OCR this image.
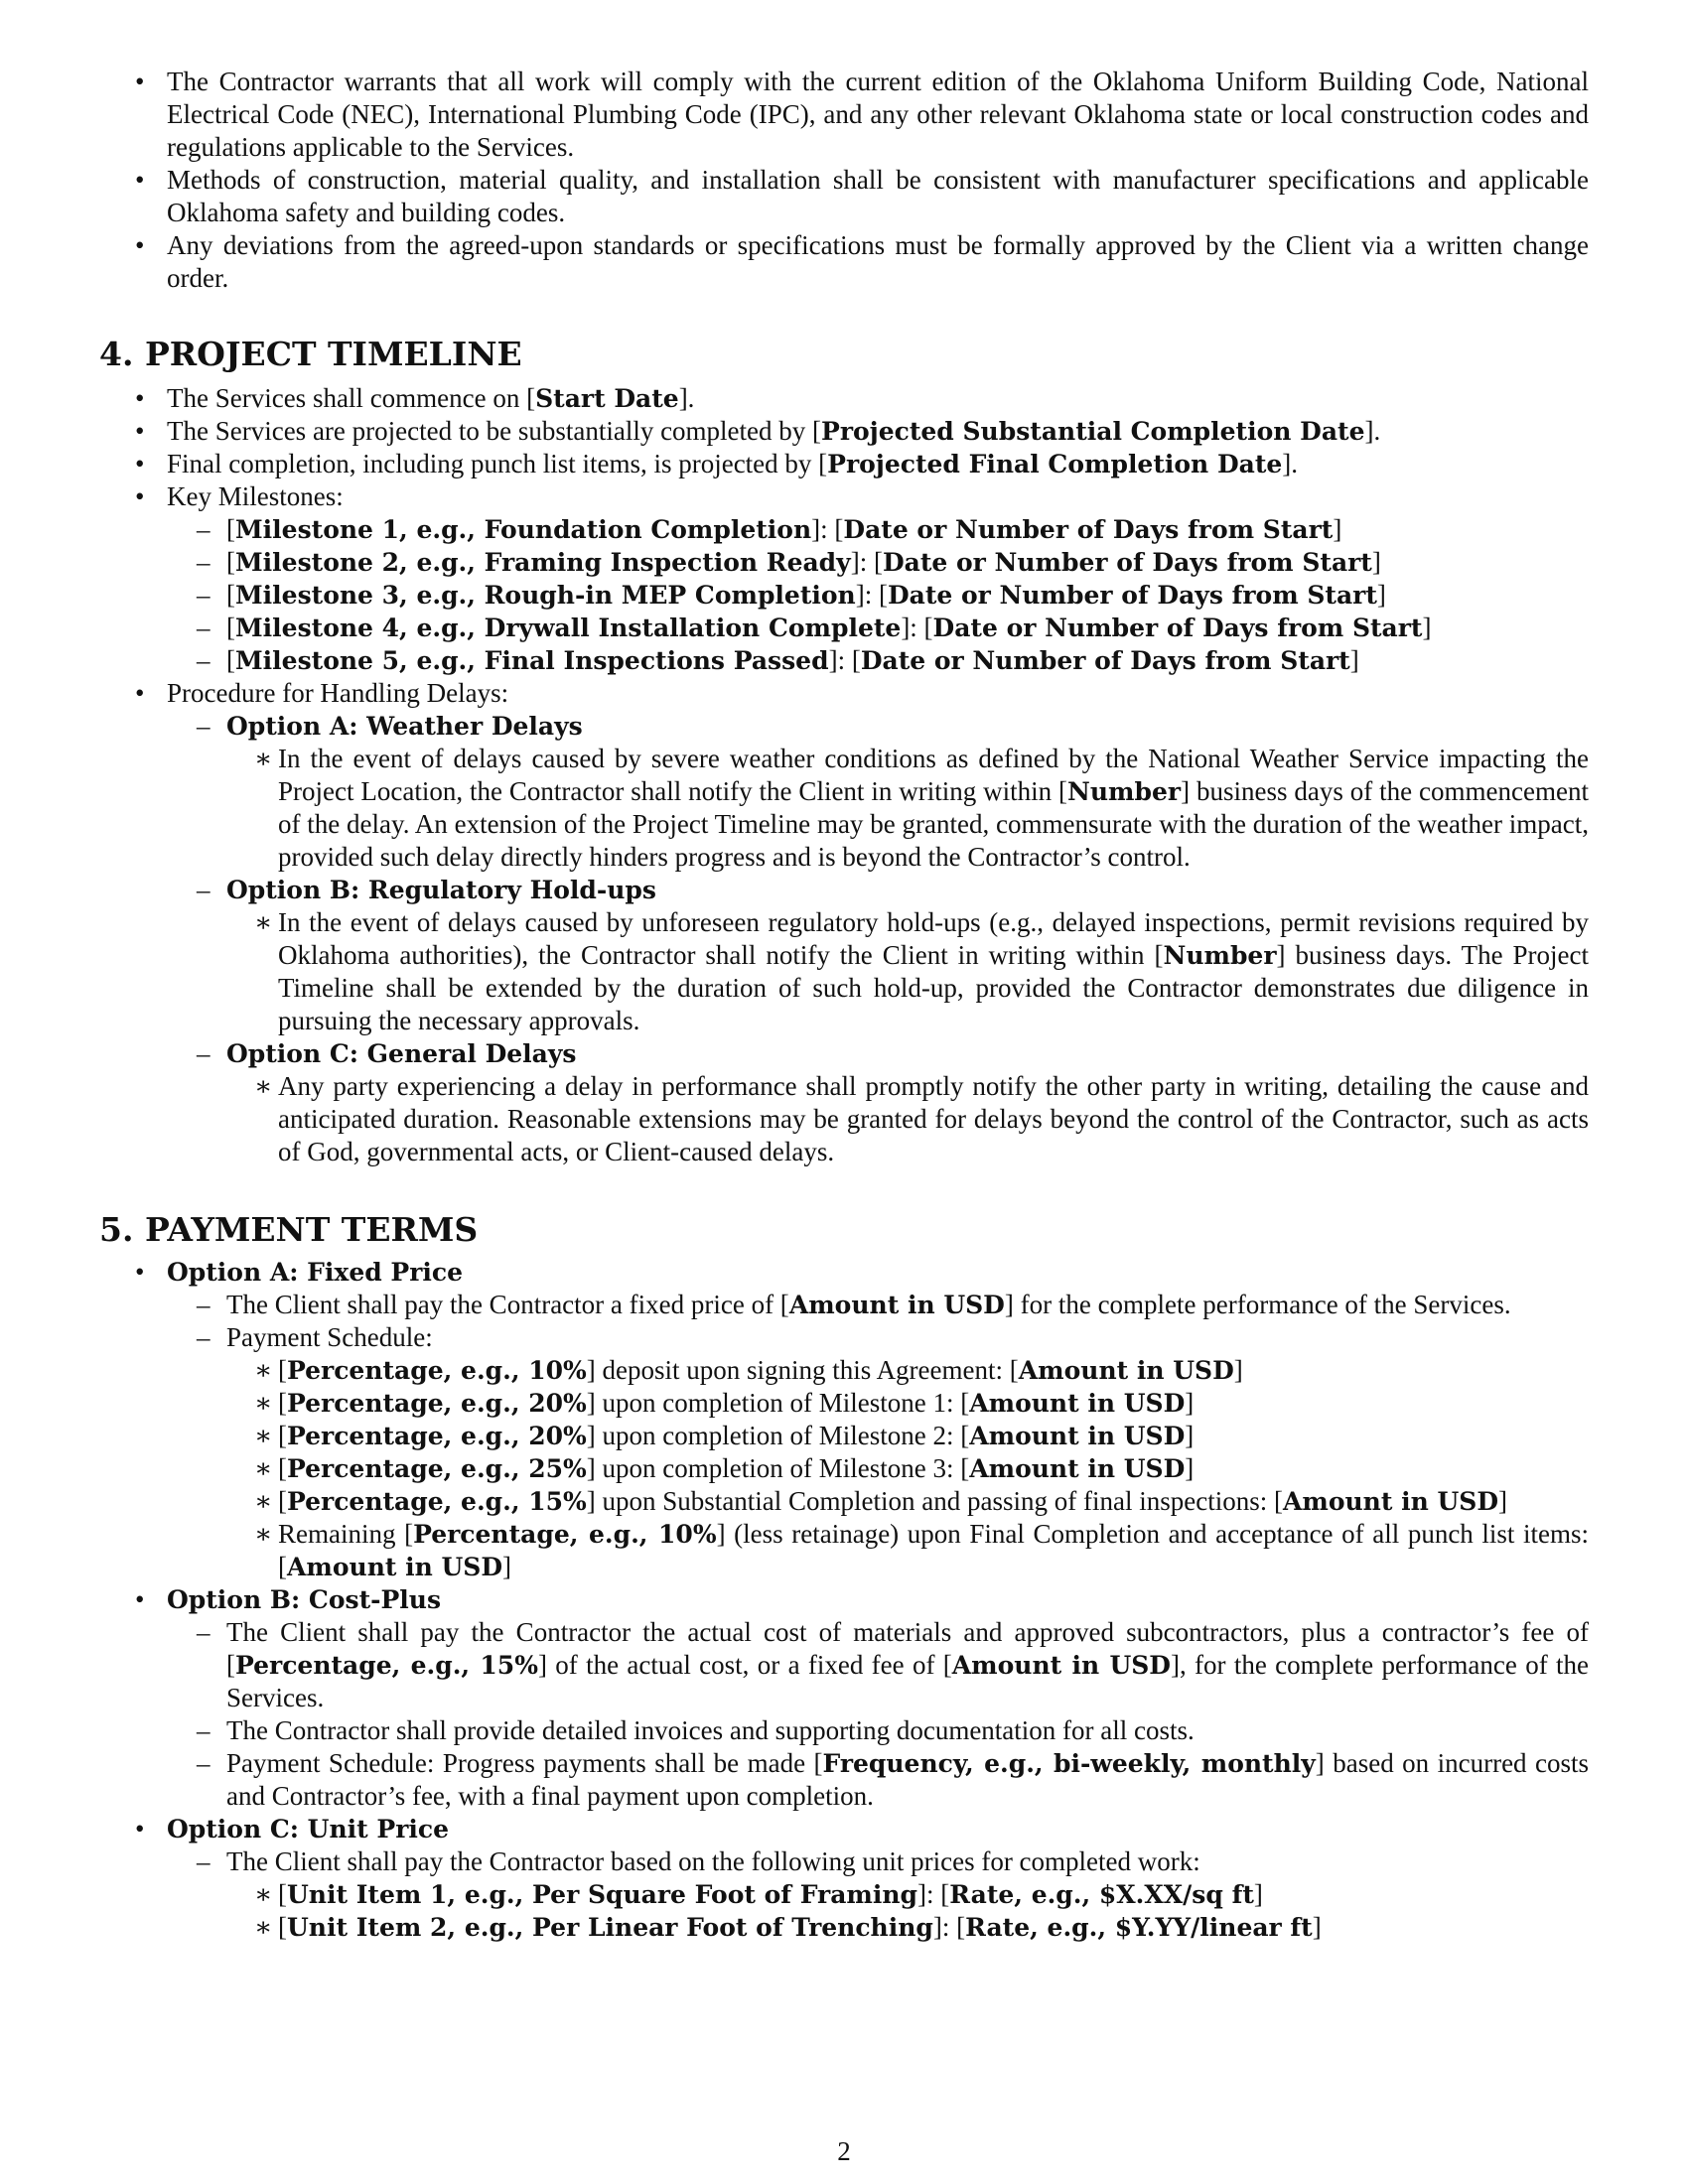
• The Contractor warrants that all work will comply with the current edition of the Oklahoma Uniform Building Code, National Electrical Code (NEC), International Plumbing Code (IPC), and any other relevant Oklahoma state or local construction codes and regulations applicable to the Services.
• Methods of construction, material quality, and installation shall be consistent with manufacturer specifications and applicable Oklahoma safety and building codes.
• Any deviations from the agreed-upon standards or specifications must be formally approved by the Client via a written change order.
4. PROJECT TIMELINE
• The Services shall commence on [Start Date].
• The Services are projected to be substantially completed by [Projected Substantial Completion Date].
• Final completion, including punch list items, is projected by [Projected Final Completion Date].
• Key Milestones:
– [Milestone 1, e.g., Foundation Completion]: [Date or Number of Days from Start]
– [Milestone 2, e.g., Framing Inspection Ready]: [Date or Number of Days from Start]
– [Milestone 3, e.g., Rough-in MEP Completion]: [Date or Number of Days from Start]
– [Milestone 4, e.g., Drywall Installation Complete]: [Date or Number of Days from Start]
– [Milestone 5, e.g., Final Inspections Passed]: [Date or Number of Days from Start]
• Procedure for Handling Delays:
– Option A: Weather Delays
∗ In the event of delays caused by severe weather conditions as defined by the National Weather Service impacting the Project Location, the Contractor shall notify the Client in writing within [Number] business days of the commencement of the delay. An extension of the Project Timeline may be granted, commensurate with the duration of the weather impact, provided such delay directly hinders progress and is beyond the Contractor’s control.
– Option B: Regulatory Hold-ups
∗ In the event of delays caused by unforeseen regulatory hold-ups (e.g., delayed inspections, permit revisions required by Oklahoma authorities), the Contractor shall notify the Client in writing within [Number] business days. The Project Timeline shall be extended by the duration of such hold-up, provided the Contractor demonstrates due diligence in pursuing the necessary approvals.
– Option C: General Delays
∗ Any party experiencing a delay in performance shall promptly notify the other party in writing, detailing the cause and anticipated duration. Reasonable extensions may be granted for delays beyond the control of the Contractor, such as acts of God, governmental acts, or Client-caused delays.
5. PAYMENT TERMS
• Option A: Fixed Price
– The Client shall pay the Contractor a fixed price of [Amount in USD] for the complete performance of the Services.
– Payment Schedule:
∗ [Percentage, e.g., 10%] deposit upon signing this Agreement: [Amount in USD]
∗ [Percentage, e.g., 20%] upon completion of Milestone 1: [Amount in USD]
∗ [Percentage, e.g., 20%] upon completion of Milestone 2: [Amount in USD]
∗ [Percentage, e.g., 25%] upon completion of Milestone 3: [Amount in USD]
∗ [Percentage, e.g., 15%] upon Substantial Completion and passing of final inspections: [Amount in USD]
∗ Remaining [Percentage, e.g., 10%] (less retainage) upon Final Completion and acceptance of all punch list items: [Amount in USD]
• Option B: Cost-Plus
– The Client shall pay the Contractor the actual cost of materials and approved subcontractors, plus a contractor’s fee of [Percentage, e.g., 15%] of the actual cost, or a fixed fee of [Amount in USD], for the complete performance of the Services.
– The Contractor shall provide detailed invoices and supporting documentation for all costs.
– Payment Schedule: Progress payments shall be made [Frequency, e.g., bi-weekly, monthly] based on incurred costs and Contractor’s fee, with a final payment upon completion.
• Option C: Unit Price
– The Client shall pay the Contractor based on the following unit prices for completed work:
∗ [Unit Item 1, e.g., Per Square Foot of Framing]: [Rate, e.g., $X.XX/sq ft]
∗ [Unit Item 2, e.g., Per Linear Foot of Trenching]: [Rate, e.g., $Y.YY/linear ft]
2
